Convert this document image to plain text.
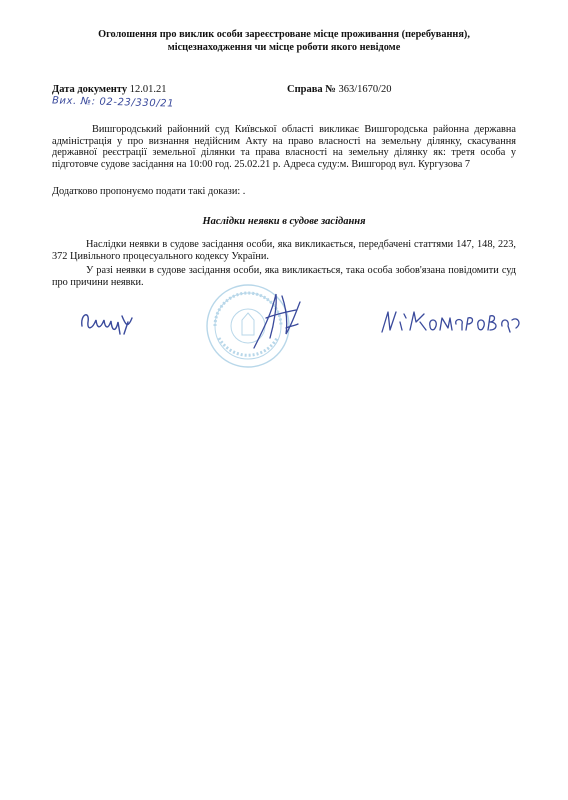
Оголошення про виклик особи зареєстроване місце проживання (перебування),
місцезнаходження чи місце роботи якого невідоме
Дата документу 12.01.21	Справа № 363/1670/20
Вих. №: 02-23/330/21
Вишгородський районний суд Київської області викликає Вишгородська районна державна адміністрація у про визнання недійсним Акту на право власності на земельну ділянку, скасування державної реєстрації земельної ділянки та права власності на земельну ділянку як: третя особа у підготовче судове засідання на 10:00 год. 25.02.21 р. Адреса суду:м. Вишгород вул. Кургузова 7
Додатково пропонуємо подати такі докази: .
Наслідки неявки в судове засідання
Наслідки неявки в судове засідання особи, яка викликається, передбачені статтями 147, 148, 223, 372 Цивільного процесуального кодексу України.
У разі неявки в судове засідання особи, яка викликається, така особа зобов'язана повідомити суд про причини неявки.
